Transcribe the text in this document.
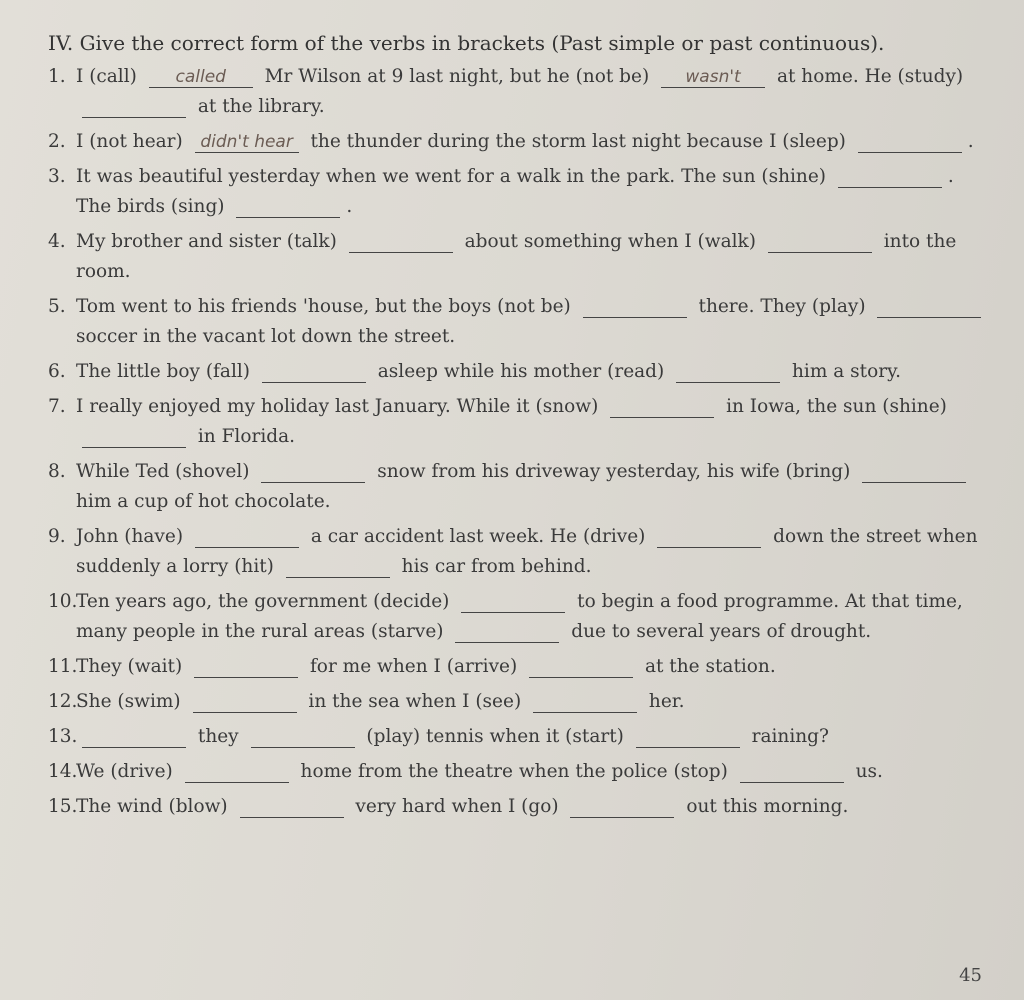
IV. Give the correct form of the verbs in brackets (Past simple or past continuous).
1. I (call) called Mr Wilson at 9 last night, but he (not be) wasn't at home. He (study)   at the library.
2. I (not hear) didn't hear the thunder during the storm last night because I (sleep)	.
3. It was beautiful yesterday when we went for a walk in the park. The sun (shine)	. The birds (sing)	.
4. My brother and sister (talk)	about something when I (walk)	into the room.
5. Tom went to his friends 'house, but the boys (not be)	there. They (play)   soccer in the vacant lot down the street.
6. The little boy (fall)	asleep while his mother (read)	him a story.
7. I really enjoyed my holiday last January. While it (snow)	in Iowa, the sun (shine)   in Florida.
8. While Ted (shovel)	snow from his driveway yesterday, his wife (bring)   him a cup of hot chocolate.
9. John (have)	a car accident last week. He (drive)	down the street when suddenly a lorry (hit)	his car from behind.
10.
Ten years ago, the government (decide)	to begin a food programme. At that time, many people in the rural areas (starve)	due to several years of drought.
11.
They (wait)	for me when I (arrive)	at the station.
12.
She (swim)	in the sea when I (see)	her.
13.	they	(play) tennis when it (start)	raining?
14.
We (drive)	home from the theatre when the police (stop)	us.
15.
The wind (blow)	very hard when I (go)	out this morning.
45
